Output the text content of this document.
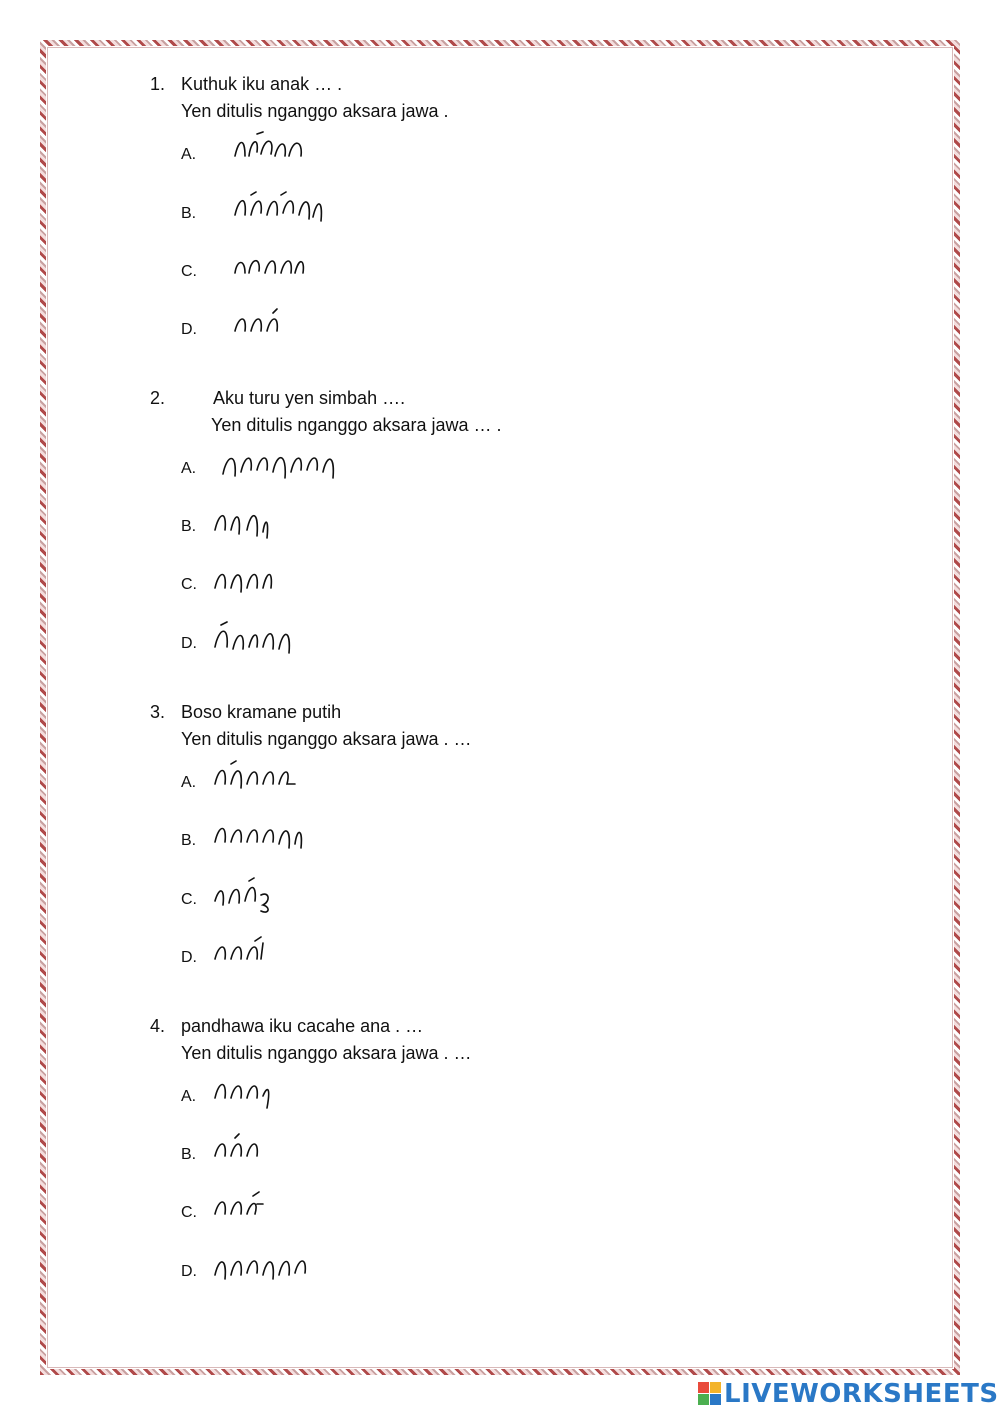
1. Kuthuk iku anak … .
Yen ditulis nganggo aksara jawa .
A.
B.
C.
D.
2.	Aku turu yen simbah ….
Yen ditulis nganggo aksara jawa … .
A.
B.
C.
D.
3. Boso kramane putih
Yen ditulis nganggo aksara jawa . …
A.
B.
C.
D.
4. pandhawa iku cacahe ana . …
Yen ditulis nganggo aksara jawa . …
A.
B.
C.
D.
LIVEWORKSHEETS
